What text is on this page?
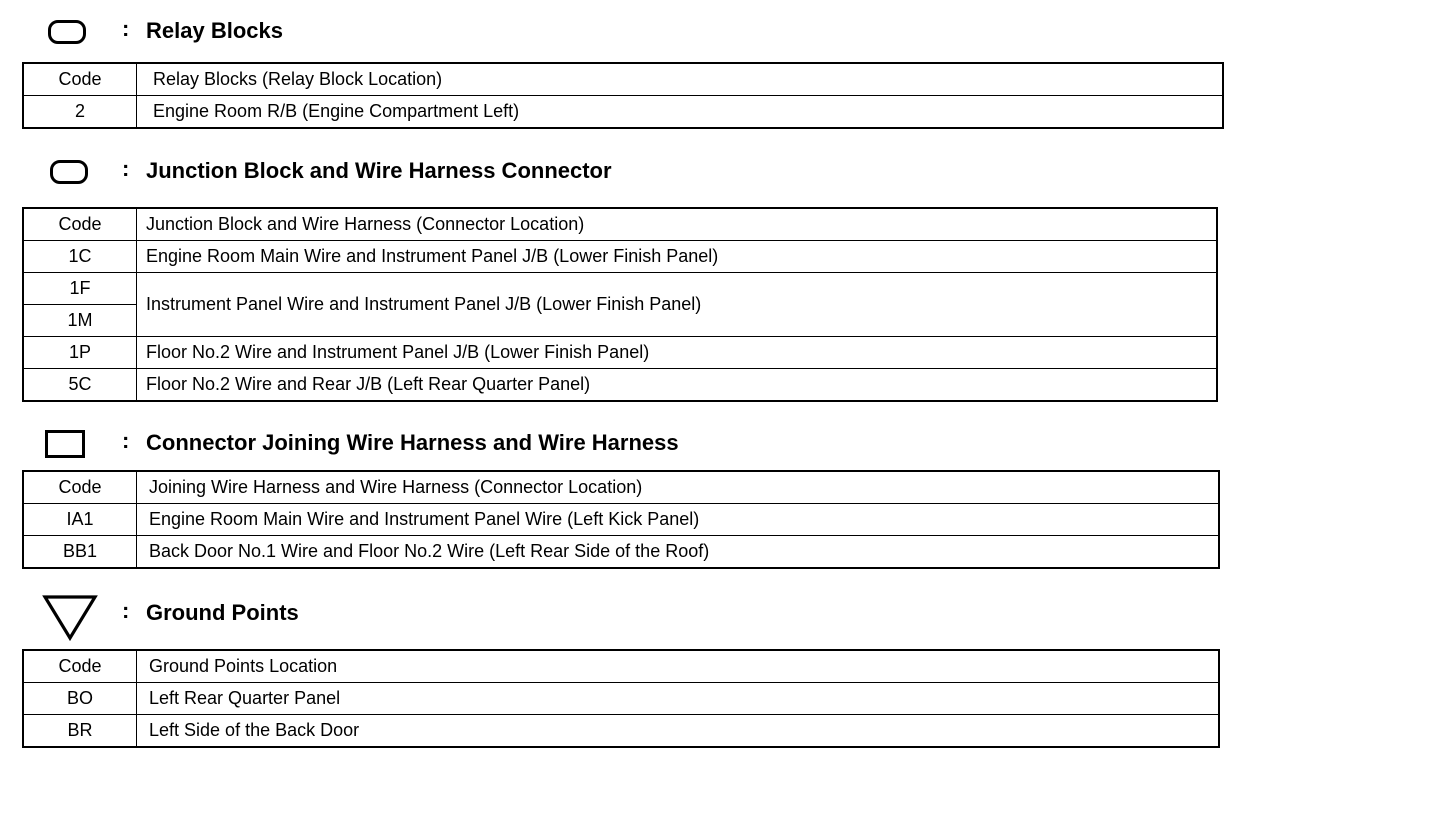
: Relay Blocks
Code	Relay Blocks (Relay Block Location)
2	Engine Room R/B (Engine Compartment Left)
: Junction Block and Wire Harness Connector
Code	Junction Block and Wire Harness (Connector Location)
1C	Engine Room Main Wire and Instrument Panel J/B (Lower Finish Panel)
1F	Instrument Panel Wire and Instrument Panel J/B (Lower Finish Panel)
1M	
1P	Floor No.2 Wire and Instrument Panel J/B (Lower Finish Panel)
5C	Floor No.2 Wire and Rear J/B (Left Rear Quarter Panel)
: Connector Joining Wire Harness and Wire Harness
Code	Joining Wire Harness and Wire Harness (Connector Location)
IA1	Engine Room Main Wire and Instrument Panel Wire (Left Kick Panel)
BB1	Back Door No.1 Wire and Floor No.2 Wire (Left Rear Side of the Roof)
: Ground Points
Code	Ground Points Location
BO	Left Rear Quarter Panel
BR	Left Side of the Back Door
